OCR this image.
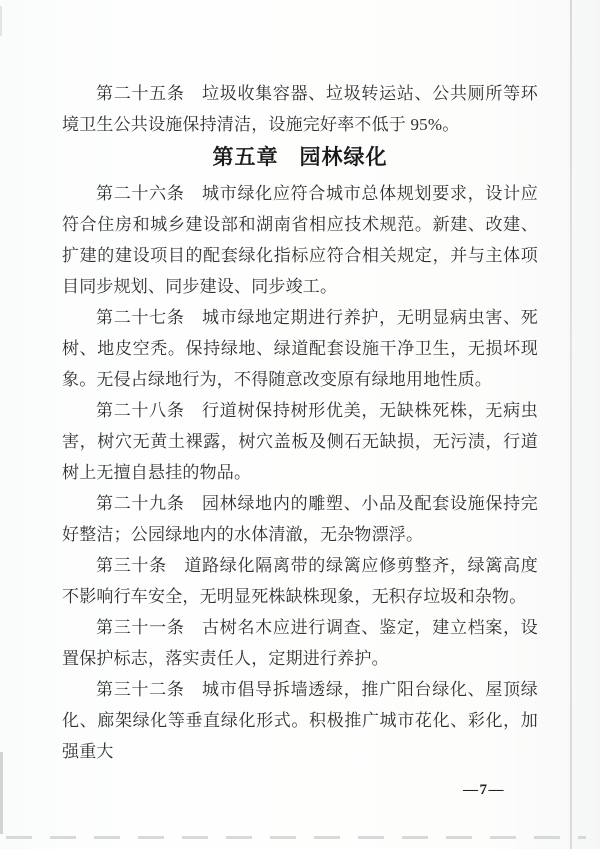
第二十五条 垃圾收集容器、垃圾转运站、公共厕所等环境卫生公共设施保持清洁，设施完好率不低于 95%。

第五章 园林绿化

第二十六条 城市绿化应符合城市总体规划要求，设计应符合住房和城乡建设部和湖南省相应技术规范。新建、改建、扩建的建设项目的配套绿化指标应符合相关规定，并与主体项目同步规划、同步建设、同步竣工。

第二十七条 城市绿地定期进行养护，无明显病虫害、死树、地皮空秃。保持绿地、绿道配套设施干净卫生，无损坏现象。无侵占绿地行为，不得随意改变原有绿地用地性质。

第二十八条 行道树保持树形优美，无缺株死株，无病虫害，树穴无黄土裸露，树穴盖板及侧石无缺损，无污渍，行道树上无擅自悬挂的物品。

第二十九条 园林绿地内的雕塑、小品及配套设施保持完好整洁；公园绿地内的水体清澈，无杂物漂浮。

第三十条 道路绿化隔离带的绿篱应修剪整齐，绿篱高度不影响行车安全，无明显死株缺株现象，无积存垃圾和杂物。

第三十一条 古树名木应进行调查、鉴定，建立档案，设置保护标志，落实责任人，定期进行养护。

第三十二条 城市倡导拆墙透绿，推广阳台绿化、屋顶绿化、廊架绿化等垂直绿化形式。积极推广城市花化、彩化，加强重大

—7—
